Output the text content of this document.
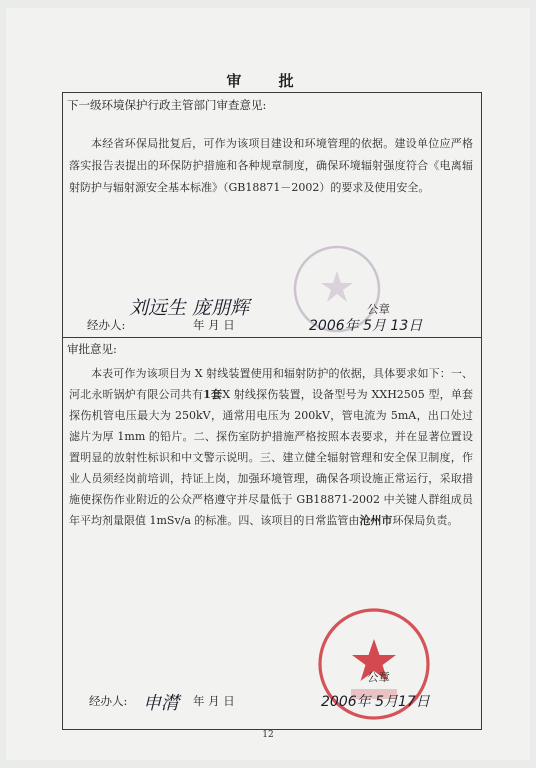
审 批
下一级环境保护行政主管部门审查意见:
本经省环保局批复后，可作为该项目建设和环境管理的依据。建设单位应严格落实报告表提出的环保防护措施和各种规章制度，确保环境辐射强度符合《电离辐射防护与辐射源安全基本标准》（GB18871－2002）的要求及使用安全。
经办人:
刘远生 庞朋辉
年 月 日
公章
2006年 5月 13日
审批意见:
本表可作为该项目为 X 射线装置使用和辐射防护的依据，具体要求如下：一、河北永昕锅炉有限公司共有1套X 射线探伤装置，设备型号为 XXH2505 型，单套探伤机管电压最大为 250kV，通常用电压为 200kV，管电流为 5mA，出口处过滤片为厚 1mm 的铅片。二、探伤室防护措施严格按照本表要求，并在显著位置设置明显的放射性标识和中文警示说明。三、建立健全辐射管理和安全保卫制度，作业人员须经岗前培训，持证上岗，加强环境管理，确保各项设施正常运行，采取措施使探伤作业附近的公众严格遵守并尽量低于 GB18871-2002 中关键人群组成员年平均剂量限值 1mSv/a 的标准。四、该项目的日常监管由沧州市环保局负责。
经办人: 申潸 年 月 日
公章
2006年 5月17日
12
